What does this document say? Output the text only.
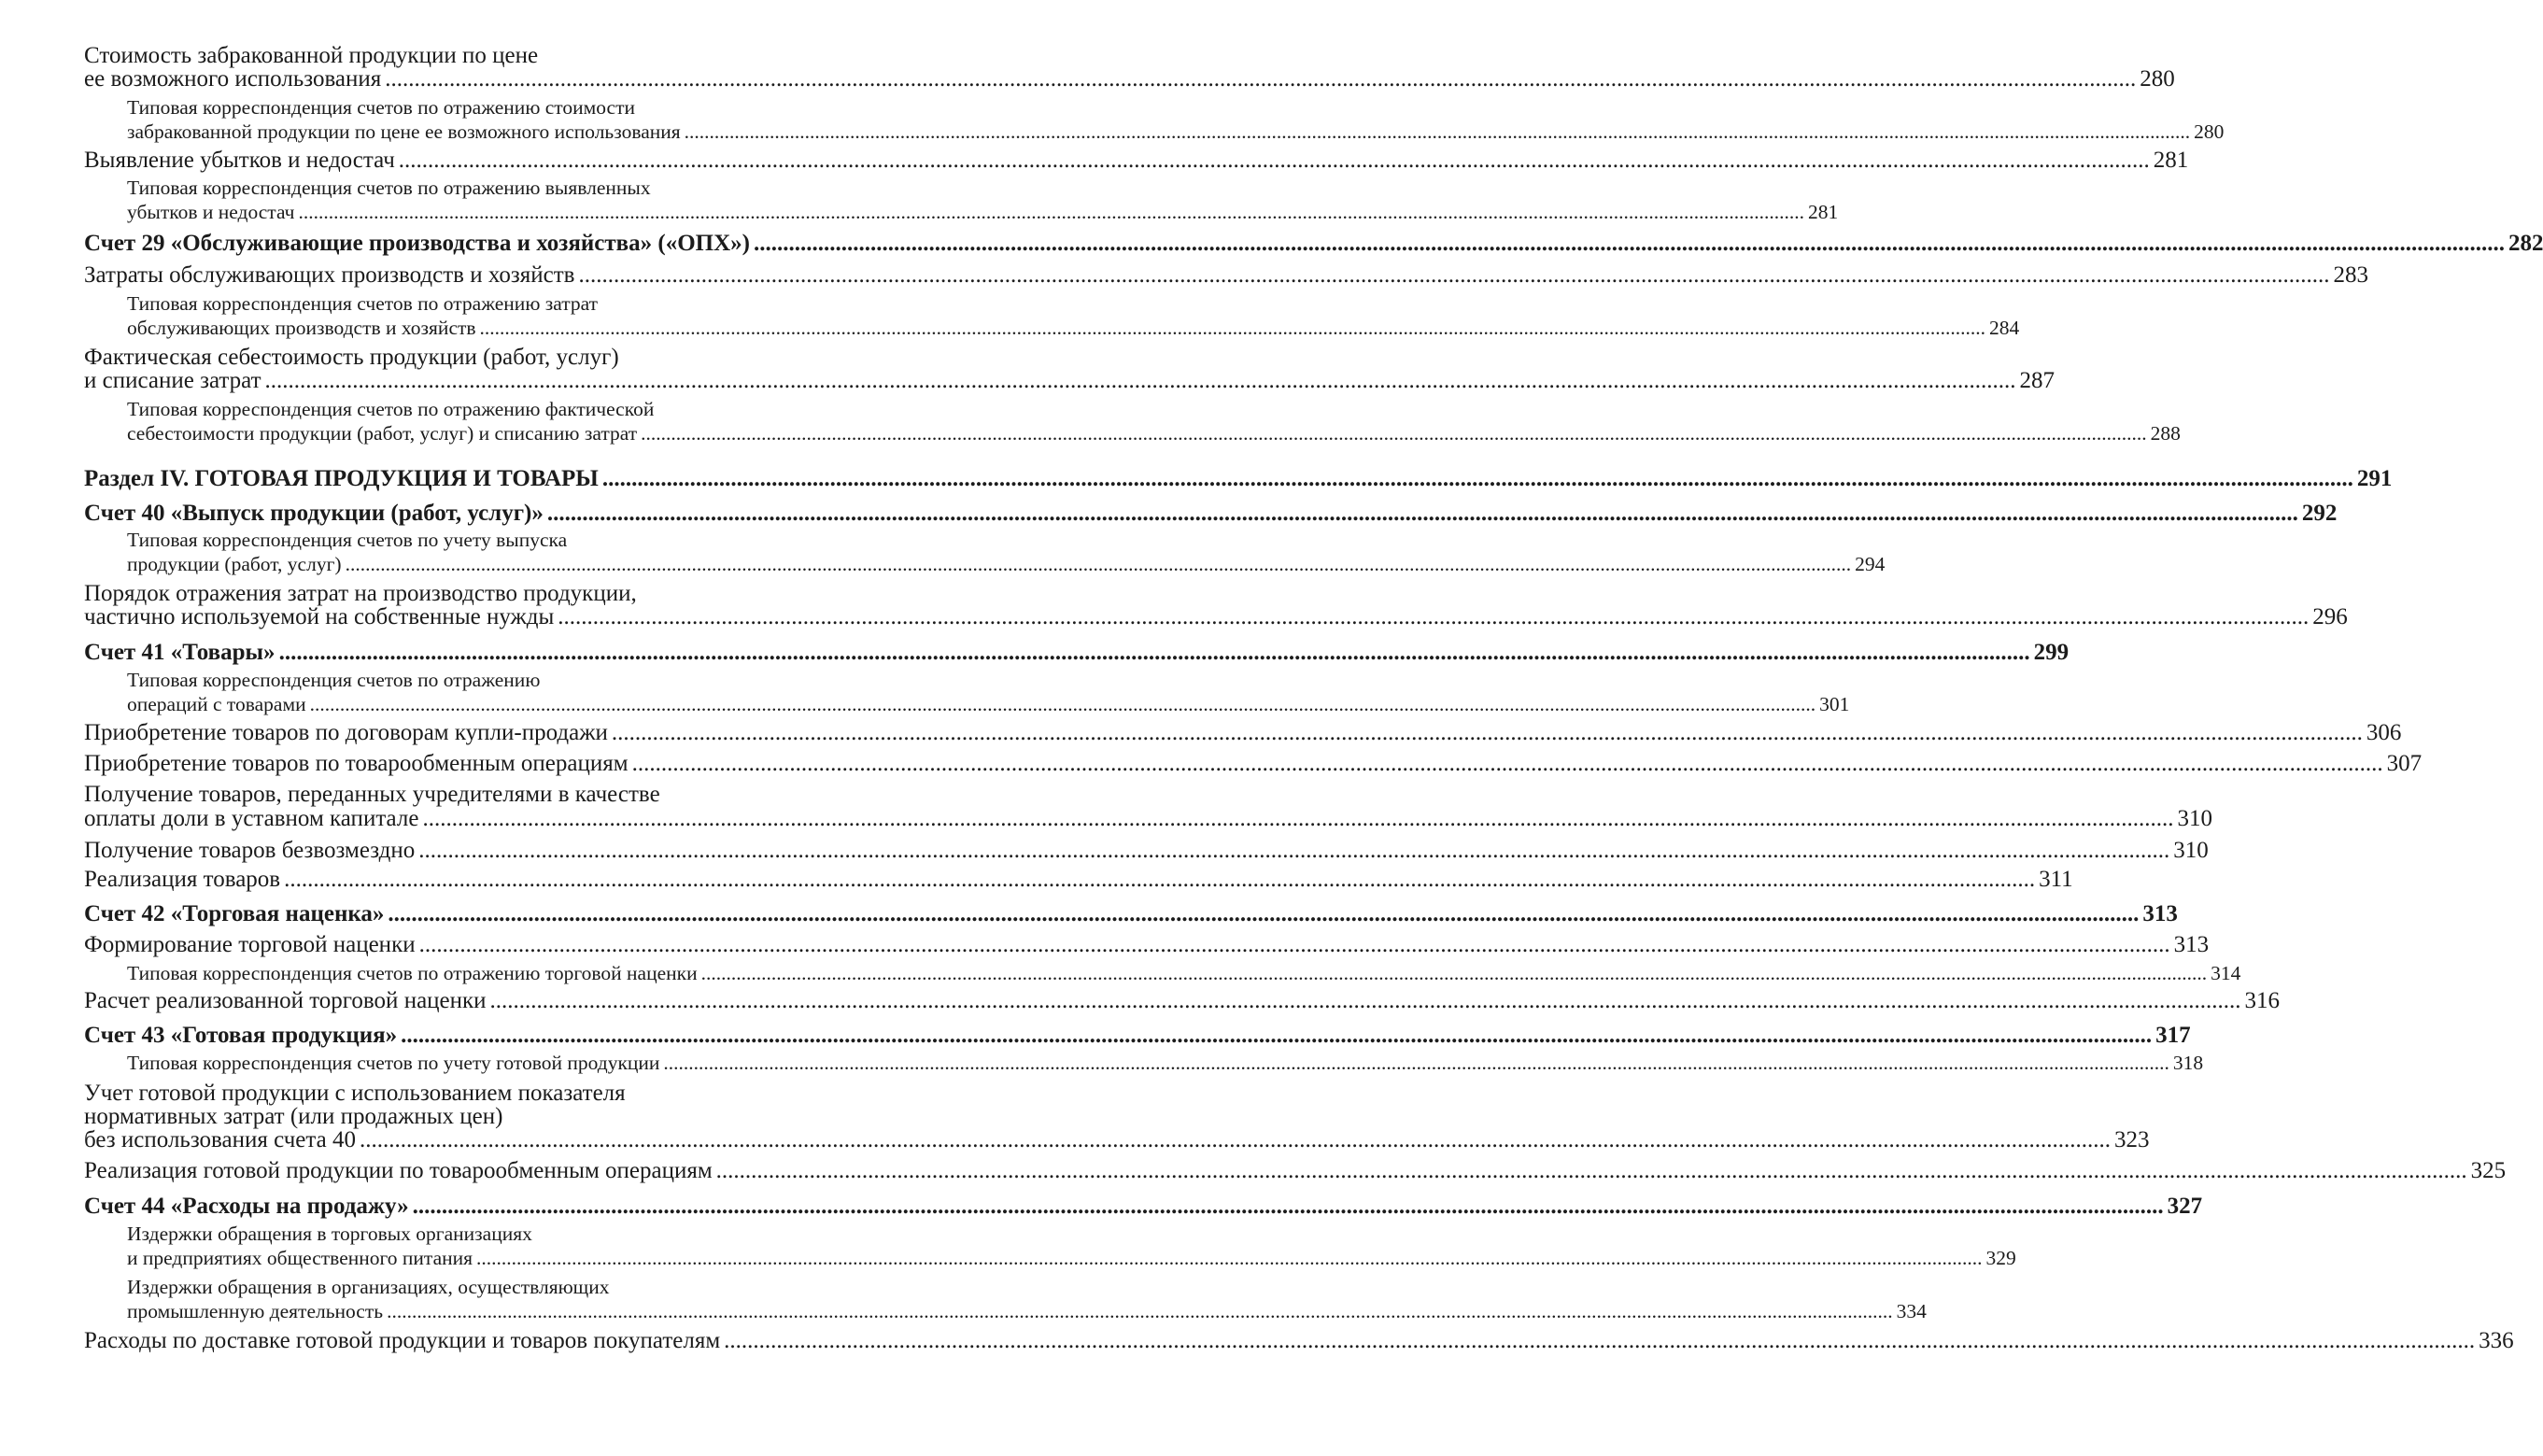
Стоимость забракованной продукции по цене
ее возможного использования ............................................................................................................................................................................................................................................................................................................ 280
Типовая корреспонденция счетов по отражению стоимости
забракованной продукции по цене ее возможного использования ............................................................................................................................................................................................................................................................................................................ 280
Выявление убытков и недостач ............................................................................................................................................................................................................................................................................................................ 281
Типовая корреспонденция счетов по отражению выявленных
убытков и недостач ............................................................................................................................................................................................................................................................................................................ 281
Счет 29 «Обслуживающие производства и хозяйства» («ОПХ») ............................................................................................................................................................................................................................................................................................................ 282
Затраты обслуживающих производств и хозяйств ............................................................................................................................................................................................................................................................................................................ 283
Типовая корреспонденция счетов по отражению затрат
обслуживающих производств и хозяйств ............................................................................................................................................................................................................................................................................................................ 284
Фактическая себестоимость продукции (работ, услуг)
и списание затрат ............................................................................................................................................................................................................................................................................................................ 287
Типовая корреспонденция счетов по отражению фактической
себестоимости продукции (работ, услуг) и списанию затрат ............................................................................................................................................................................................................................................................................................................ 288
Раздел IV. ГОТОВАЯ ПРОДУКЦИЯ И ТОВАРЫ ............................................................................................................................................................................................................................................................................................................ 291
Счет 40 «Выпуск продукции (работ, услуг)» ............................................................................................................................................................................................................................................................................................................ 292
Типовая корреспонденция счетов по учету выпуска
продукции (работ, услуг) ............................................................................................................................................................................................................................................................................................................ 294
Порядок отражения затрат на производство продукции,
частично используемой на собственные нужды ............................................................................................................................................................................................................................................................................................................ 296
Счет 41 «Товары» ............................................................................................................................................................................................................................................................................................................ 299
Типовая корреспонденция счетов по отражению
операций с товарами ............................................................................................................................................................................................................................................................................................................ 301
Приобретение товаров по договорам купли-продажи ............................................................................................................................................................................................................................................................................................................ 306
Приобретение товаров по товарообменным операциям ............................................................................................................................................................................................................................................................................................................ 307
Получение товаров, переданных учредителями в качестве
оплаты доли в уставном капитале ............................................................................................................................................................................................................................................................................................................ 310
Получение товаров безвозмездно ............................................................................................................................................................................................................................................................................................................ 310
Реализация товаров ............................................................................................................................................................................................................................................................................................................ 311
Счет 42 «Торговая наценка» ............................................................................................................................................................................................................................................................................................................ 313
Формирование торговой наценки ............................................................................................................................................................................................................................................................................................................ 313
Типовая корреспонденция счетов по отражению торговой наценки ............................................................................................................................................................................................................................................................................................................ 314
Расчет реализованной торговой наценки ............................................................................................................................................................................................................................................................................................................ 316
Счет 43 «Готовая продукция» ............................................................................................................................................................................................................................................................................................................ 317
Типовая корреспонденция счетов по учету готовой продукции ............................................................................................................................................................................................................................................................................................................ 318
Учет готовой продукции с использованием показателя
нормативных затрат (или продажных цен)
без использования счета 40 ............................................................................................................................................................................................................................................................................................................ 323
Реализация готовой продукции по товарообменным операциям ............................................................................................................................................................................................................................................................................................................ 325
Счет 44 «Расходы на продажу» ............................................................................................................................................................................................................................................................................................................ 327
Издержки обращения в торговых организациях
и предприятиях общественного питания ............................................................................................................................................................................................................................................................................................................ 329
Издержки обращения в организациях, осуществляющих
промышленную деятельность ............................................................................................................................................................................................................................................................................................................ 334
Расходы по доставке готовой продукции и товаров покупателям ............................................................................................................................................................................................................................................................................................................ 336
